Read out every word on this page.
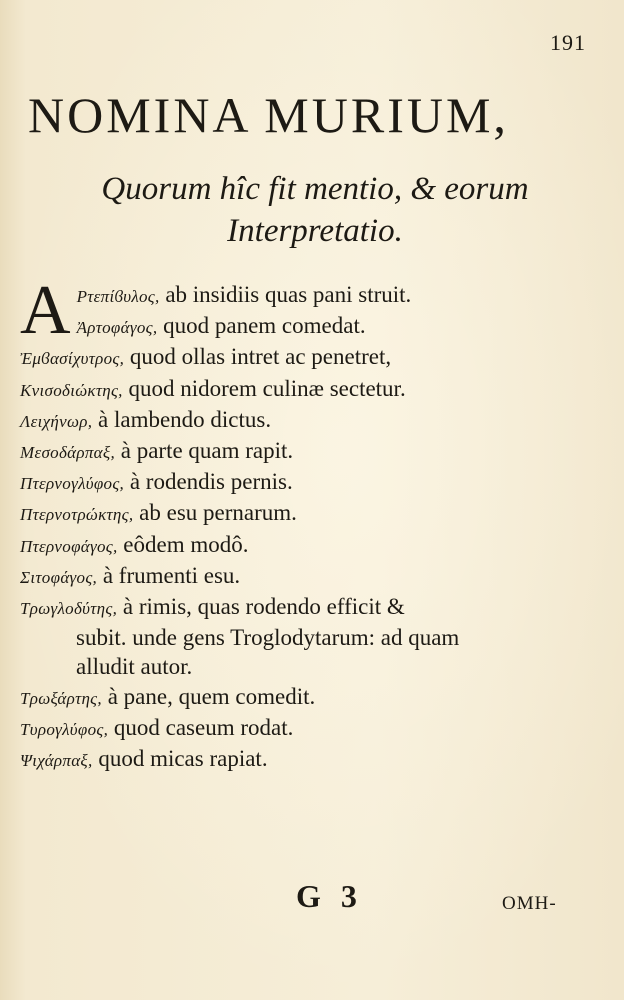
191
NOMINA MURIUM,
Quorum hîc fit mentio, & eorum
Interpretatio.
A Ρτεπίϐυλος, ab insidiis quas pani struit.

Ἀρτοφάγος, quod panem comedat.

Ἐμϐασίχυτρος, quod ollas intret ac penetret,

Κνισοδιώκτης, quod nidorem culinæ sectetur.

Λειχήνωρ, à lambendo dictus.

Μεσοδάρπαξ, à parte quam rapit.

Πτερνογλύφος, à rodendis pernis.

Πτερνοτρώκτης, ab esu pernarum.

Πτερνοφάγος, eôdem modô.

Σιτοφάγος, à frumenti esu.

Τρωγλοδύτης, à rimis, quas rodendo efficit &
subit. unde gens Troglodytarum: ad quam
alludit autor.

Τρωξάρτης, à pane, quem comedit.

Τυρογλύφος, quod caseum rodat.

Ψιχάρπαξ, quod micas rapiat.

G 3	ΟΜΗ-
